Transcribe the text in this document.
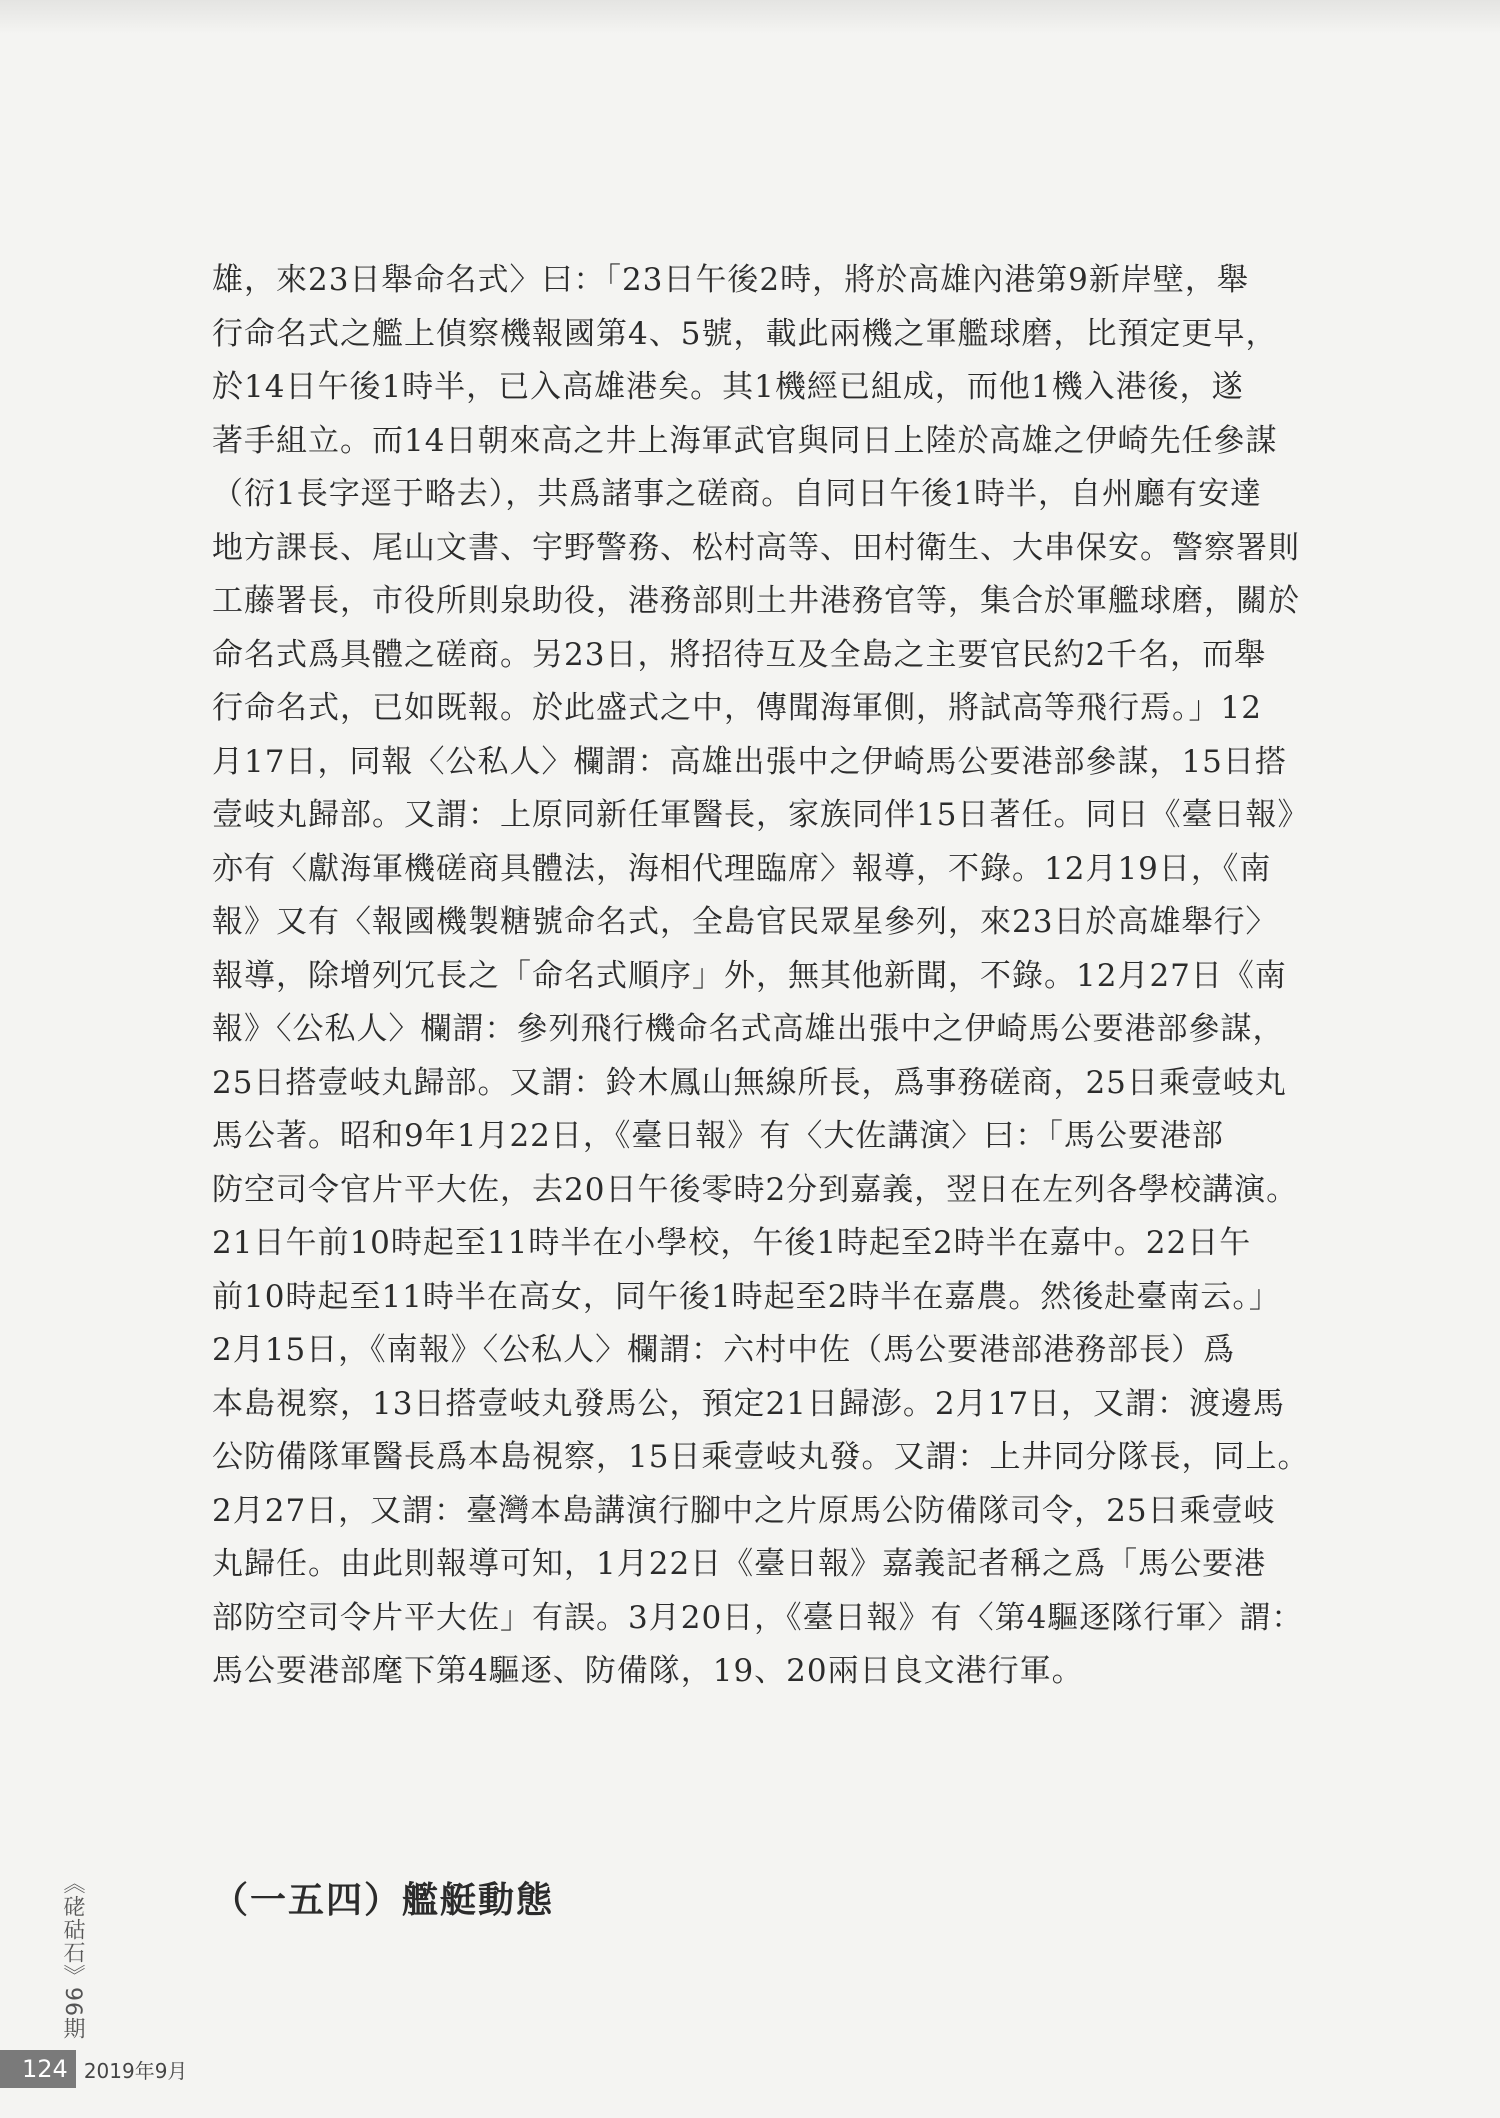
雄，來23日舉命名式〉曰：「23日午後2時，將於高雄內港第9新岸壁，舉
行命名式之艦上偵察機報國第4、5號，載此兩機之軍艦球磨，比預定更早，
於14日午後1時半，已入高雄港矣。其1機經已組成，而他1機入港後，遂
著手組立。而14日朝來高之井上海軍武官與同日上陸於高雄之伊崎先任參謀
（衍1長字逕于略去），共爲諸事之磋商。自同日午後1時半，自州廳有安達
地方課長、尾山文書、宇野警務、松村高等、田村衛生、大串保安。警察署則
工藤署長，市役所則泉助役，港務部則土井港務官等，集合於軍艦球磨，關於
命名式爲具體之磋商。另23日，將招待互及全島之主要官民約2千名，而舉
行命名式，已如既報。於此盛式之中，傳聞海軍側，將試高等飛行焉。」12
月17日，同報〈公私人〉欄謂：高雄出張中之伊崎馬公要港部參謀，15日搭
壹岐丸歸部。又謂：上原同新任軍醫長，家族同伴15日著任。同日《臺日報》
亦有〈獻海軍機磋商具體法，海相代理臨席〉報導，不錄。12月19日，《南
報》又有〈報國機製糖號命名式，全島官民眾星參列，來23日於高雄舉行〉
報導，除增列冗長之「命名式順序」外，無其他新聞，不錄。12月27日《南
報》〈公私人〉欄謂：參列飛行機命名式高雄出張中之伊崎馬公要港部參謀，
25日搭壹岐丸歸部。又謂：鈴木鳳山無線所長，爲事務磋商，25日乘壹岐丸
馬公著。昭和9年1月22日，《臺日報》有〈大佐講演〉曰：「馬公要港部
防空司令官片平大佐，去20日午後零時2分到嘉義，翌日在左列各學校講演。
21日午前10時起至11時半在小學校，午後1時起至2時半在嘉中。22日午
前10時起至11時半在高女，同午後1時起至2時半在嘉農。然後赴臺南云。」
2月15日，《南報》〈公私人〉欄謂：六村中佐（馬公要港部港務部長）爲
本島視察，13日搭壹岐丸發馬公，預定21日歸澎。2月17日，又謂：渡邊馬
公防備隊軍醫長爲本島視察，15日乘壹岐丸發。又謂：上井同分隊長，同上。
2月27日，又謂：臺灣本島講演行腳中之片原馬公防備隊司令，25日乘壹岐
丸歸任。由此則報導可知，1月22日《臺日報》嘉義記者稱之爲「馬公要港
部防空司令片平大佐」有誤。3月20日，《臺日報》有〈第4驅逐隊行軍〉謂：
馬公要港部麾下第4驅逐、防備隊，19、20兩日良文港行軍。
（一五四）艦艇動態
《硓𥑮石》96期
124 2019年9月
